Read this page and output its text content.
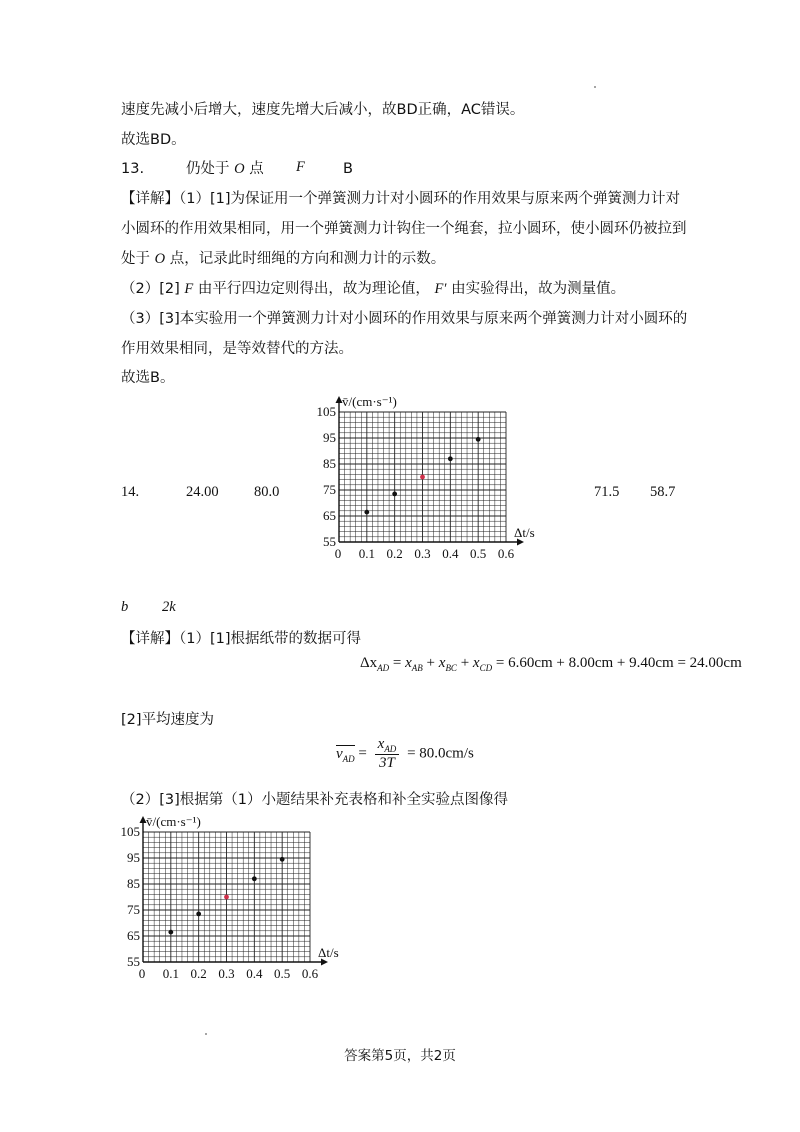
速度先减小后增大，速度先增大后减小，故BD正确，AC错误。
故选BD。
13.	仍处于 O 点 F	B
【详解】（1）[1]为保证用一个弹簧测力计对小圆环的作用效果与原来两个弹簧测力计对
小圆环的作用效果相同，用一个弹簧测力计钩住一个绳套，拉小圆环，使小圆环仍被拉到
处于 O 点，记录此时细绳的方向和测力计的示数。
（2）[2] F 由平行四边定则得出，故为理论值， F′ 由实验得出，故为测量值。
（3）[3]本实验用一个弹簧测力计对小圆环的作用效果与原来两个弹簧测力计对小圆环的
作用效果相同，是等效替代的方法。
故选B。
14.	24.00 80.0	71.5 58.7
0 0.1 0.2 0.3 0.4 0.5 0.6
55
65
75
85
95
105
v̄/(cm·s⁻¹)
Δt/s
b 2k
【详解】（1）[1]根据纸带的数据可得
$\Delta x_{AD} = x_{AB} + x_{BC} + x_{CD} = 6.60cm + 8.00cm + 9.40cm = 24.00cm$
[2]平均速度为
$v_{AD} = \frac{x_{AD}}{3T} = 80.0cm/s$
（2）[3]根据第（1）小题结果补充表格和补全实验点图像得
0 0.1 0.2 0.3 0.4 0.5 0.6
55
65
75
85
95
105
v̄/(cm·s⁻¹)
Δt/s
答案第5页，共2页
